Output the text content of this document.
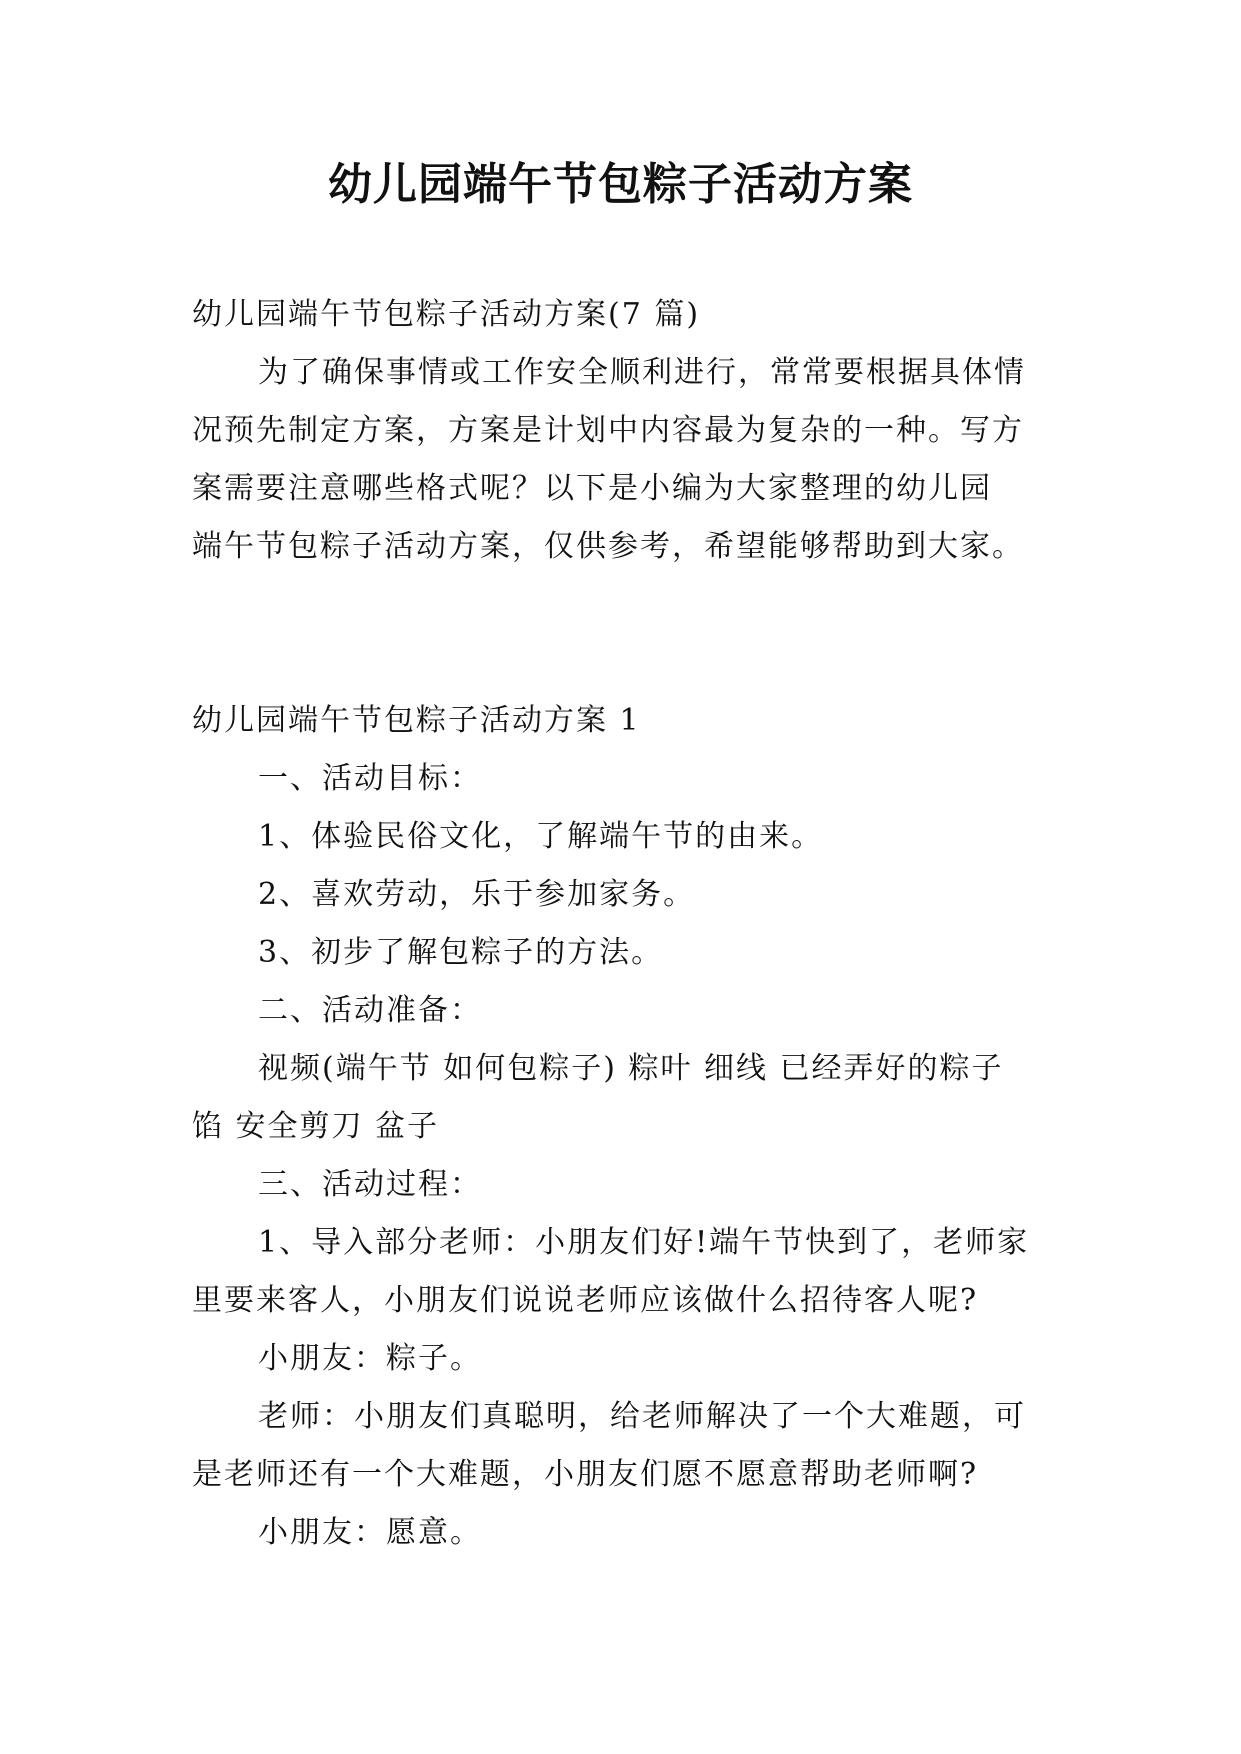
幼儿园端午节包粽子活动方案

幼儿园端午节包粽子活动方案(7 篇)

为了确保事情或工作安全顺利进行，常常要根据具体情

况预先制定方案，方案是计划中内容最为复杂的一种。写方

案需要注意哪些格式呢？以下是小编为大家整理的幼儿园

端午节包粽子活动方案，仅供参考，希望能够帮助到大家。

幼儿园端午节包粽子活动方案 1

一、活动目标：

1、体验民俗文化，了解端午节的由来。

2、喜欢劳动，乐于参加家务。

3、初步了解包粽子的方法。

二、活动准备：

视频(端午节 如何包粽子) 粽叶 细线 已经弄好的粽子

馅 安全剪刀 盆子

三、活动过程：

1、导入部分老师：小朋友们好!端午节快到了，老师家

里要来客人，小朋友们说说老师应该做什么招待客人呢?

小朋友：粽子。

老师：小朋友们真聪明，给老师解决了一个大难题，可

是老师还有一个大难题，小朋友们愿不愿意帮助老师啊?

小朋友：愿意。
